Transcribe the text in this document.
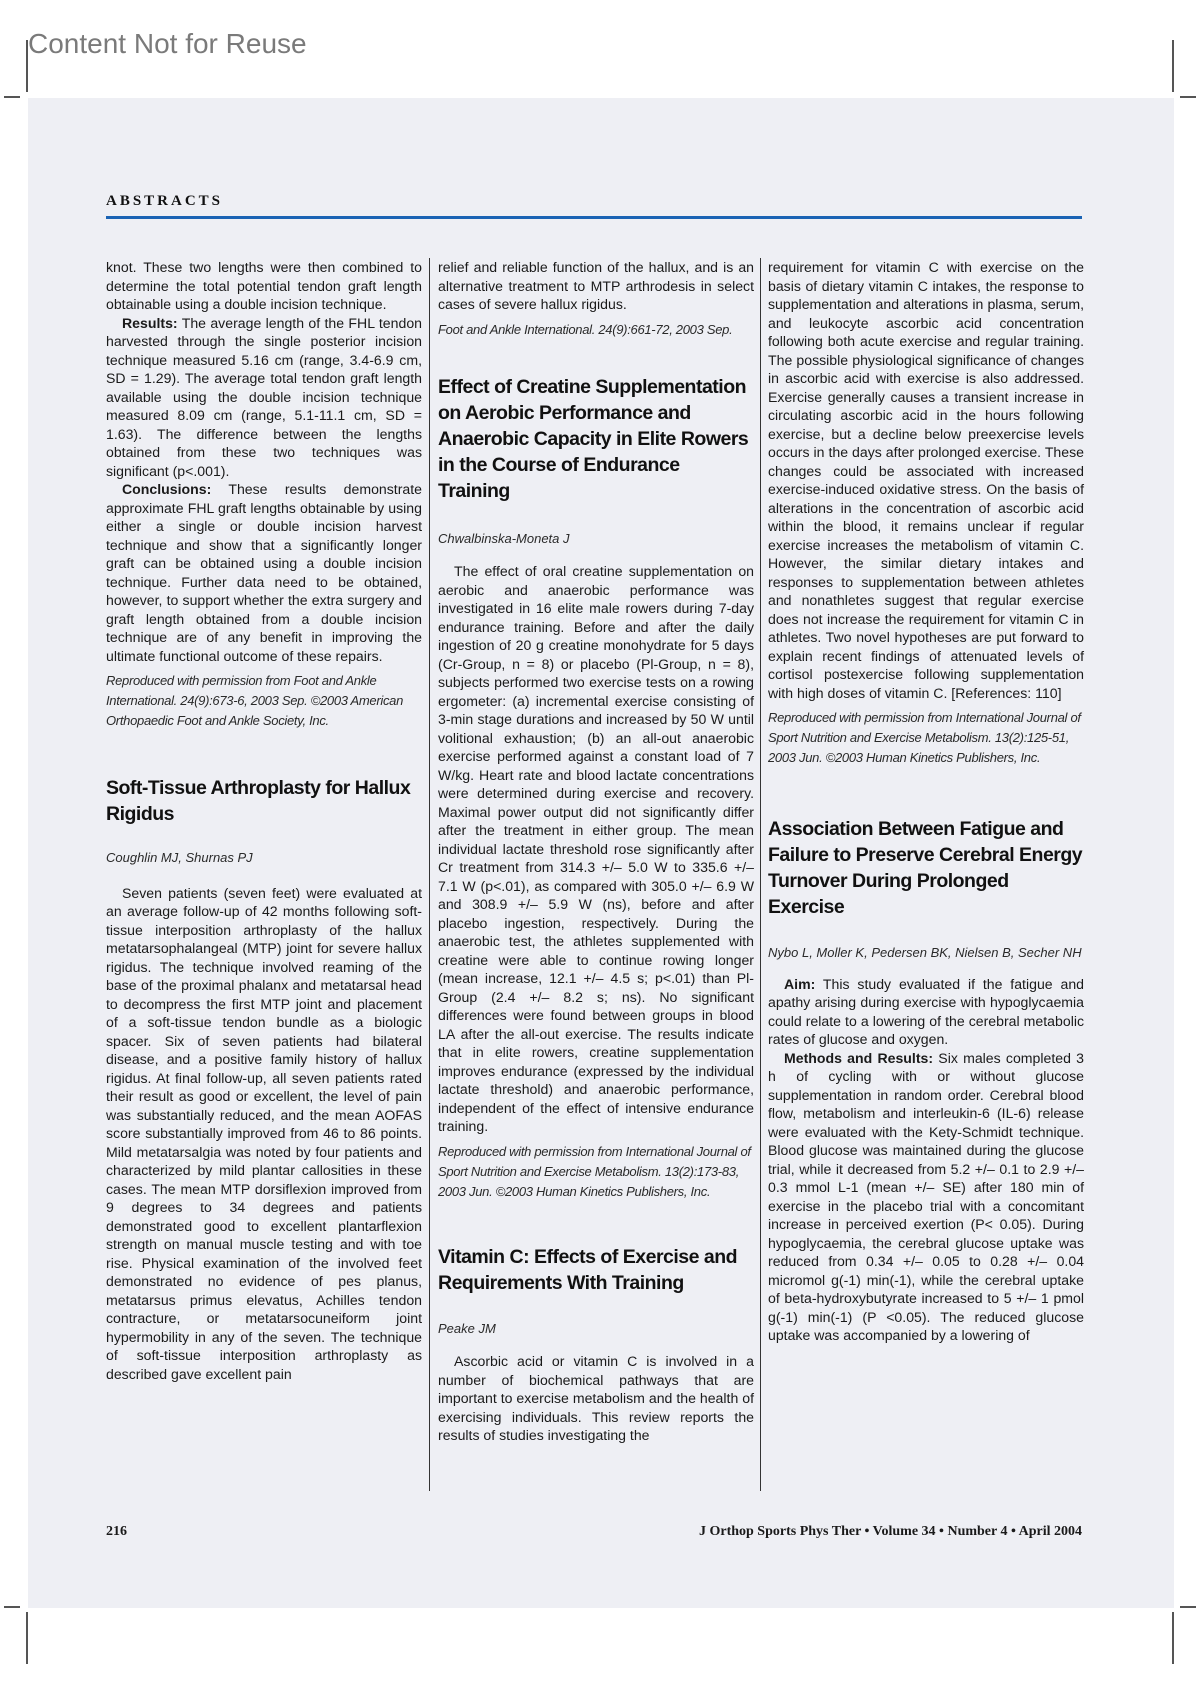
Content Not for Reuse
ABSTRACTS

knot. These two lengths were then combined to determine the total potential tendon graft length obtainable using a double incision technique.

Results: The average length of the FHL tendon harvested through the single posterior incision technique measured 5.16 cm (range, 3.4-6.9 cm, SD = 1.29). The average total tendon graft length available using the double incision technique measured 8.09 cm (range, 5.1-11.1 cm, SD = 1.63). The difference between the lengths obtained from these two techniques was significant (p<.001).

Conclusions: These results demonstrate approximate FHL graft lengths obtainable by using either a single or double incision harvest technique and show that a significantly longer graft can be obtained using a double incision technique. Further data need to be obtained, however, to support whether the extra surgery and graft length obtained from a double incision technique are of any benefit in improving the ultimate functional outcome of these repairs.

Reproduced with permission from Foot and Ankle International. 24(9):673-6, 2003 Sep. ©2003 American Orthopaedic Foot and Ankle Society, Inc.

Soft-Tissue Arthroplasty for Hallux Rigidus

Coughlin MJ, Shurnas PJ

Seven patients (seven feet) were evaluated at an average follow-up of 42 months following soft-tissue interposition arthroplasty of the hallux metatarsophalangeal (MTP) joint for severe hallux rigidus. The technique involved reaming of the base of the proximal phalanx and metatarsal head to decompress the first MTP joint and placement of a soft-tissue tendon bundle as a biologic spacer. Six of seven patients had bilateral disease, and a positive family history of hallux rigidus. At final follow-up, all seven patients rated their result as good or excellent, the level of pain was substantially reduced, and the mean AOFAS score substantially improved from 46 to 86 points. Mild metatarsalgia was noted by four patients and characterized by mild plantar callosities in these cases. The mean MTP dorsiflexion improved from 9 degrees to 34 degrees and patients demonstrated good to excellent plantarflexion strength on manual muscle testing and with toe rise. Physical examination of the involved feet demonstrated no evidence of pes planus, metatarsus primus elevatus, Achilles tendon contracture, or metatarsocuneiform joint hypermobility in any of the seven. The technique of soft-tissue interposition arthroplasty as described gave excellent pain

relief and reliable function of the hallux, and is an alternative treatment to MTP arthrodesis in select cases of severe hallux rigidus.

Foot and Ankle International. 24(9):661-72, 2003 Sep.

Effect of Creatine Supplementation on Aerobic Performance and Anaerobic Capacity in Elite Rowers in the Course of Endurance Training

Chwalbinska-Moneta J

The effect of oral creatine supplementation on aerobic and anaerobic performance was investigated in 16 elite male rowers during 7-day endurance training. Before and after the daily ingestion of 20 g creatine monohydrate for 5 days (Cr-Group, n = 8) or placebo (Pl-Group, n = 8), subjects performed two exercise tests on a rowing ergometer: (a) incremental exercise consisting of 3-min stage durations and increased by 50 W until volitional exhaustion; (b) an all-out anaerobic exercise performed against a constant load of 7 W/kg. Heart rate and blood lactate concentrations were determined during exercise and recovery. Maximal power output did not significantly differ after the treatment in either group. The mean individual lactate threshold rose significantly after Cr treatment from 314.3 +/– 5.0 W to 335.6 +/– 7.1 W (p<.01), as compared with 305.0 +/– 6.9 W and 308.9 +/– 5.9 W (ns), before and after placebo ingestion, respectively. During the anaerobic test, the athletes supplemented with creatine were able to continue rowing longer (mean increase, 12.1 +/– 4.5 s; p<.01) than Pl-Group (2.4 +/– 8.2 s; ns). No significant differences were found between groups in blood LA after the all-out exercise. The results indicate that in elite rowers, creatine supplementation improves endurance (expressed by the individual lactate threshold) and anaerobic performance, independent of the effect of intensive endurance training.

Reproduced with permission from International Journal of Sport Nutrition and Exercise Metabolism. 13(2):173-83, 2003 Jun. ©2003 Human Kinetics Publishers, Inc.

Vitamin C: Effects of Exercise and Requirements With Training

Peake JM

Ascorbic acid or vitamin C is involved in a number of biochemical pathways that are important to exercise metabolism and the health of exercising individuals. This review reports the results of studies investigating the

requirement for vitamin C with exercise on the basis of dietary vitamin C intakes, the response to supplementation and alterations in plasma, serum, and leukocyte ascorbic acid concentration following both acute exercise and regular training. The possible physiological significance of changes in ascorbic acid with exercise is also addressed. Exercise generally causes a transient increase in circulating ascorbic acid in the hours following exercise, but a decline below preexercise levels occurs in the days after prolonged exercise. These changes could be associated with increased exercise-induced oxidative stress. On the basis of alterations in the concentration of ascorbic acid within the blood, it remains unclear if regular exercise increases the metabolism of vitamin C. However, the similar dietary intakes and responses to supplementation between athletes and nonathletes suggest that regular exercise does not increase the requirement for vitamin C in athletes. Two novel hypotheses are put forward to explain recent findings of attenuated levels of cortisol postexercise following supplementation with high doses of vitamin C. [References: 110]

Reproduced with permission from International Journal of Sport Nutrition and Exercise Metabolism. 13(2):125-51, 2003 Jun. ©2003 Human Kinetics Publishers, Inc.

Association Between Fatigue and Failure to Preserve Cerebral Energy Turnover During Prolonged Exercise

Nybo L, Moller K, Pedersen BK, Nielsen B, Secher NH

Aim: This study evaluated if the fatigue and apathy arising during exercise with hypoglycaemia could relate to a lowering of the cerebral metabolic rates of glucose and oxygen.

Methods and Results: Six males completed 3 h of cycling with or without glucose supplementation in random order. Cerebral blood flow, metabolism and interleukin-6 (IL-6) release were evaluated with the Kety-Schmidt technique. Blood glucose was maintained during the glucose trial, while it decreased from 5.2 +/– 0.1 to 2.9 +/– 0.3 mmol L-1 (mean +/– SE) after 180 min of exercise in the placebo trial with a concomitant increase in perceived exertion (P< 0.05). During hypoglycaemia, the cerebral glucose uptake was reduced from 0.34 +/– 0.05 to 0.28 +/– 0.04 micromol g(-1) min(-1), while the cerebral uptake of beta-hydroxybutyrate increased to 5 +/– 1 pmol g(-1) min(-1) (P <0.05). The reduced glucose uptake was accompanied by a lowering of

216	J Orthop Sports Phys Ther • Volume 34 • Number 4 • April 2004
